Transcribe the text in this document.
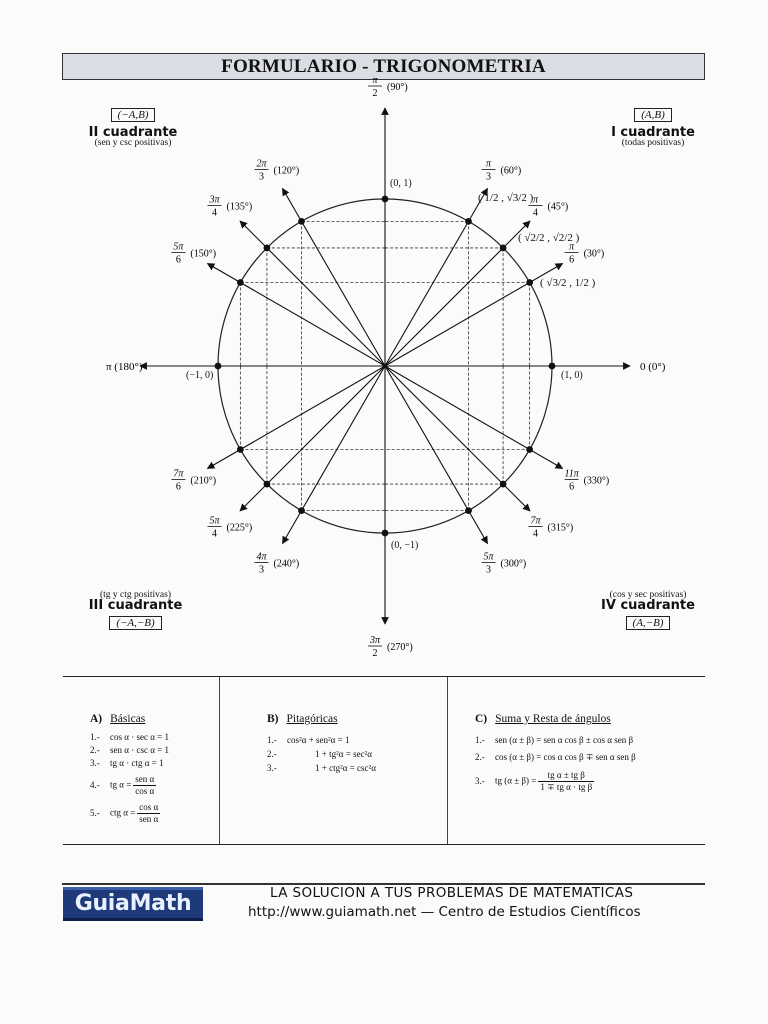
FORMULARIO - TRIGONOMETRIA
0 (0°)
π
6
(30°)
π
4
(45°)
π
3
(60°)
π
2
(90°)
2π
3
(120°)
3π
4
(135°)
5π
6
(150°)
π (180°)
7π
6
(210°)
5π
4
(225°)
4π
3
(240°)
3π
2
(270°)
5π
3
(300°)
7π
4
(315°)
11π
6
(330°)
(0, 1)
(0, −1)
(−1, 0)	(1, 0)
( 1/2 , √3/2 )
( √2/2 , √2/2 )
( √3/2 , 1/2 )
(−A,B)
II cuadrante
(sen y csc positivas)
(A,B)
I cuadrante
(todas positivas)
(tg y ctg positivas)
III cuadrante
(−A,−B)
(cos y sec positivas)
IV cuadrante
(A,−B)
A) Básicas
1.- cos α · sec α = 1
2.- sen α · csc α = 1
3.- tg α · ctg α = 1
4.- tg $\alpha = \frac{\text{sen α}}{\text{cos α}}$
5.- ctg $\alpha = \frac{\text{cos α}}{\text{sen α}}$
B) Pitagóricas
1.- cos²α + sen²α = 1
2.-	1 + tg²α = sec²α
3.-	1 + ctg²α = csc²α
C) Suma y Resta de ángulos
1.- sen (α ± β) = sen α cos β ± cos α sen β
2.- cos (α ± β) = cos α cos β ∓ sen α sen β
3.- tg $(\alpha \pm \beta) = \frac{\text{tg α ± tg β}}{\text{1 ∓ tg α · tg β}}$
GuiaMath	LA SOLUCION A TUS PROBLEMAS DE MATEMATICAS
http://www.guiamath.net — Centro de Estudios Científicos
